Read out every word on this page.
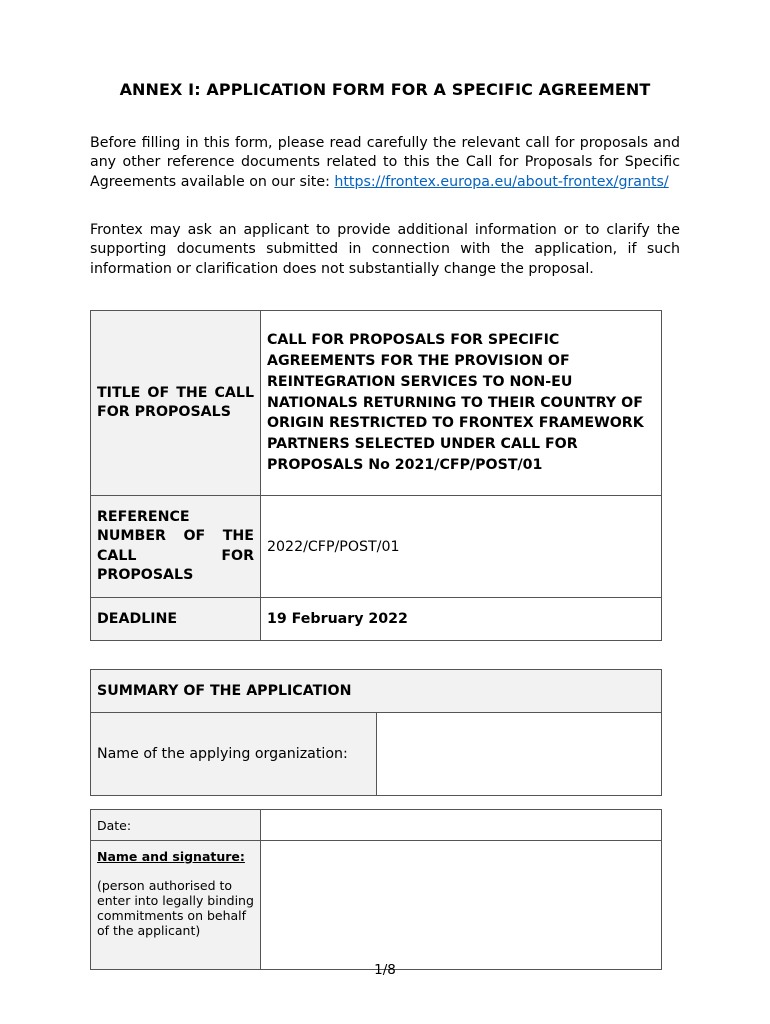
ANNEX I: APPLICATION FORM FOR A SPECIFIC AGREEMENT
Before filling in this form, please read carefully the relevant call for proposals and any other reference documents related to this the Call for Proposals for Specific Agreements available on our site: https://frontex.europa.eu/about-frontex/grants/
Frontex may ask an applicant to provide additional information or to clarify the supporting documents submitted in connection with the application, if such information or clarification does not substantially change the proposal.
TITLE OF THE CALL FOR PROPOSALS	CALL FOR PROPOSALS FOR SPECIFIC AGREEMENTS FOR THE PROVISION OF REINTEGRATION SERVICES TO NON-EU NATIONALS RETURNING TO THEIR COUNTRY OF ORIGIN RESTRICTED TO FRONTEX FRAMEWORK PARTNERS SELECTED UNDER CALL FOR PROPOSALS No 2021/CFP/POST/01

REFERENCE NUMBER OF THE CALL FOR PROPOSALS	2022/CFP/POST/01
DEADLINE	19 February 2022
SUMMARY OF THE APPLICATION
Name of the applying organization:	
Date:	

Name and signature:
(person authorised to enter into legally binding commitments on behalf of the applicant)	

1/8
